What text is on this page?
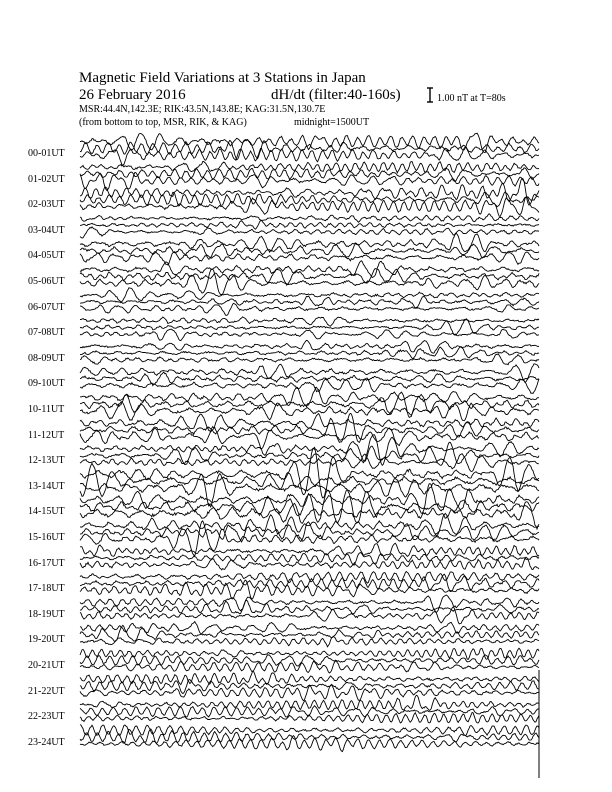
Magnetic Field Variations at 3 Stations in Japan
26 February 2016	dH/dt (filter:40-160s)
MSR:44.4N,142.3E; RIK:43.5N,143.8E; KAG:31.5N,130.7E
(from bottom to top, MSR, RIK, & KAG)	midnight=1500UT
1.00 nT at T=80s
00-01UT
01-02UT
02-03UT
03-04UT
04-05UT
05-06UT
06-07UT
07-08UT
08-09UT
09-10UT
10-11UT
11-12UT
12-13UT
13-14UT
14-15UT
15-16UT
16-17UT
17-18UT
18-19UT
19-20UT
20-21UT
21-22UT
22-23UT
23-24UT
